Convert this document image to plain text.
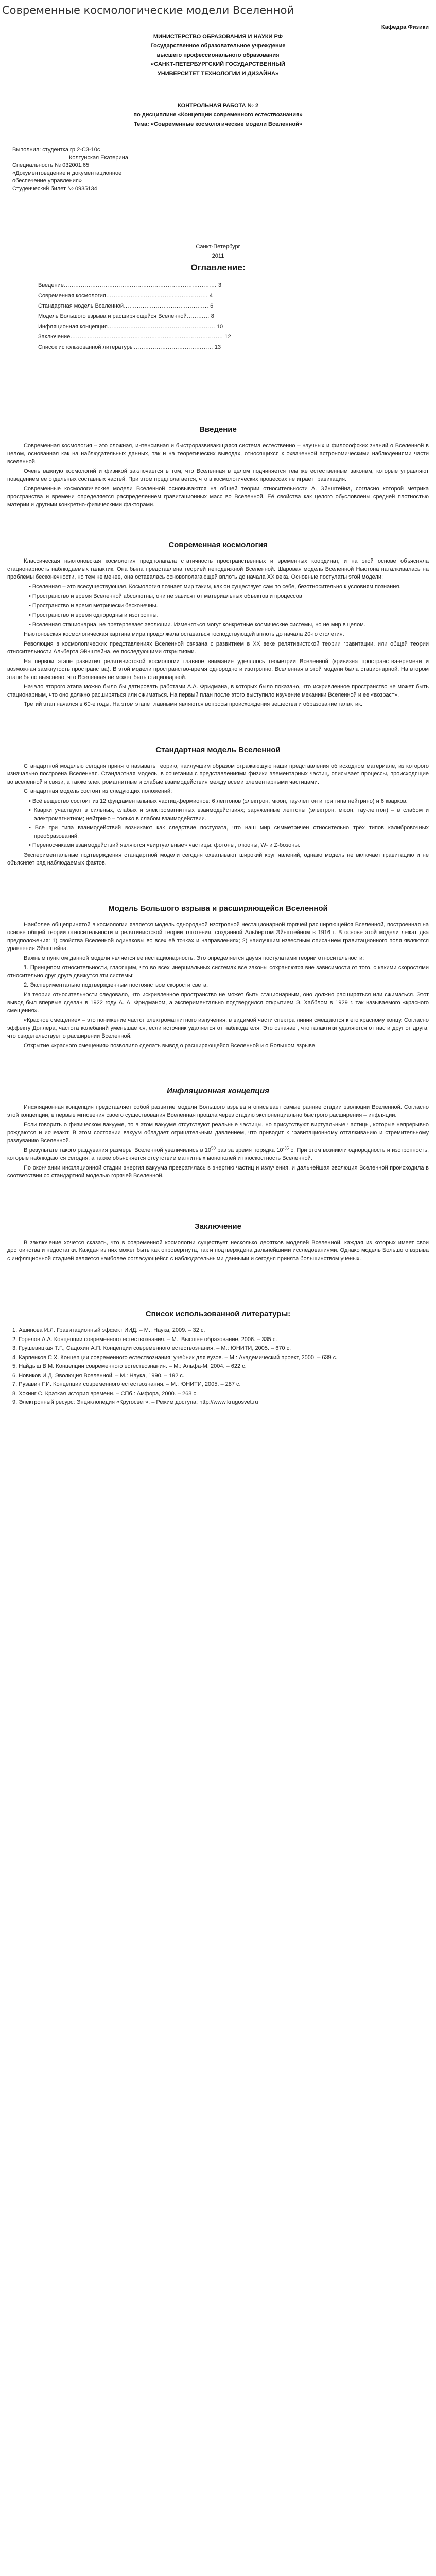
Современные космологические модели Вселенной
Кафедра Физики
МИНИСТЕРСТВО ОБРАЗОВАНИЯ И НАУКИ РФ
Государственное образовательное учреждение
высшего профессионального образования
«САНКТ-ПЕТЕРБУРГСКИЙ ГОСУДАРСТВЕННЫЙ
УНИВЕРСИТЕТ ТЕХНОЛОГИИ И ДИЗАЙНА»
КОНТРОЛЬНАЯ РАБОТА № 2
по дисциплине «Концепции современного естествознания»
Тема: «Современные космологические модели Вселенной»
Выполнил: студентка гр.2-С3-10с
Колтунская Екатерина
Специальность № 032001.65
«Документоведение и документационное
обеспечение управления»
Студенческий билет № 0935134
Санкт-Петербург
2011
Оглавление:
Введение……………………………………………………………………… 3
Современная космология……………………………………………… 4
Стандартная модель Вселенной……………………………………… 6
Модель Большого взрыва и расширяющейся Вселенной………… 8
Инфляционная концепция………………………………………………… 10
Заключение……………………………………………………………………… 12
Список использованной литературы…………………………………… 13
Введение

Современная космология – это сложная, интенсивная и быстроразвивающаяся система естественно – научных и философских знаний о Вселенной в целом, основанная как на наблюдательных данных, так и на теоретических выводах, относящихся к охваченной астрономическими наблюдениями части вселенной.

Очень важную космологий и физикой заключается в том, что Вселенная в целом подчиняется тем же естественным законам, которые управляют поведением ее отдельных составных частей. При этом предполагается, что в космологических процессах не играет гравитация.

Современные космологические модели Вселенной основываются на общей теории относительности А. Эйнштейна, согласно которой метрика пространства и времени определяется распределением гравитационных масс во Вселенной. Её свойства как целого обусловлены средней плотностью материи и другими конкретно-физическими факторами.

Современная космология

Классическая ньютоновская космология предполагала статичность пространственных и временных координат, и на этой основе объясняла стационарность наблюдаемых галактик. Она была представлена теорией неподвижной Вселенной. Шаровая модель Вселенной Ньютона наталкивалась на проблемы бесконечности, но тем не менее, она оставалась основополагающей вплоть до начала ХХ века. Основные постулаты этой модели:

• Вселенная – это всесуществующая. Космология познает мир таким, как он существует сам по себе, безотносительно к условиям познания.

• Пространство и время Вселенной абсолютны, они не зависят от материальных объектов и процессов

• Пространство и время метрически бесконечны.

• Пространство и время однородны и изотропны.

• Вселенная стационарна, не претерпевает эволюции. Изменяться могут конкретные космические системы, но не мир в целом.

Ньютоновская космологическая картина мира продолжала оставаться господствующей вплоть до начала 20-го столетия.

Революция в космологических представлениях Вселенной связана с развитием в ХХ веке релятивистской теории гравитации, или общей теории относительности Альберта Эйнштейна, ее последующими открытиями.

На первом этапе развития релятивистской космологии главное внимание уделялось геометрии Вселенной (кривизна пространства-времени и возможная замкнутость пространства). В этой модели пространство-время однородно и изотропно. Вселенная в этой модели была стационарной. На втором этапе было выяснено, что Вселенная не может быть стационарной.

Начало второго этапа можно было бы датировать работами А.А. Фридмана, в которых было показано, что искривленное пространство не может быть стационарным, что оно должно расширяться или сжиматься. На первый план после этого выступило изучение механики Вселенной и ее «возраст».

Третий этап начался в 60-е годы. На этом этапе главными являются вопросы происхождения вещества и образование галактик.

Стандартная модель Вселенной

Стандартной моделью сегодня принято называть теорию, наилучшим образом отражающую наши представления об исходном материале, из которого изначально построена Вселенная. Стандартная модель, в сочетании с представлениями физики элементарных частиц, описывает процессы, происходящие во вселенной и связи, а также электромагнитные и слабые взаимодействия между всеми элементарными частицами.

Стандартная модель состоит из следующих положений:

• Всё вещество состоит из 12 фундаментальных частиц-фермионов: 6 лептонов (электрон, мюон, тау-лептон и три типа нейтрино) и 6 кварков.

• Кварки участвуют в сильных, слабых и электромагнитных взаимодействиях; заряженные лептоны (электрон, мюон, тау-лептон) – в слабом и электромагнитном; нейтрино – только в слабом взаимодействии.

• Все три типа взаимодействий возникают как следствие постулата, что наш мир симметричен относительно трёх типов калибровочных преобразований.

• Переносчиками взаимодействий являются «виртуальные» частицы: фотоны, глюоны, W- и Z-бозоны.

Экспериментальные подтверждения стандартной модели сегодня охватывают широкий круг явлений, однако модель не включает гравитацию и не объясняет ряд наблюдаемых фактов.

Модель Большого взрыва и расширяющейся Вселенной

Наиболее общепринятой в космологии является модель однородной изотропной нестационарной горячей расширяющейся Вселенной, построенная на основе общей теории относительности и релятивистской теории тяготения, созданной Альбертом Эйнштейном в 1916 г. В основе этой модели лежат два предположения: 1) свойства Вселенной одинаковы во всех её точках и направлениях; 2) наилучшим известным описанием гравитационного поля являются уравнения Эйнштейна.

Важным пунктом данной модели является ее нестационарность. Это определяется двумя постулатами теории относительности:

1. Принципом относительности, гласящим, что во всех инерциальных системах все законы сохраняются вне зависимости от того, с какими скоростями относительно друг друга движутся эти системы;

2. Экспериментально подтвержденным постоянством скорости света.

Из теории относительности следовало, что искривленное пространство не может быть стационарным, оно должно расширяться или сжиматься. Этот вывод был впервые сделан в 1922 году А. А. Фридманом, а экспериментально подтвердился открытием Э. Хабблом в 1929 г. так называемого «красного смещения».

«Красное смещение» – это понижение частот электромагнитного излучения: в видимой части спектра линии смещаются к его красному концу. Согласно эффекту Доплера, частота колебаний уменьшается, если источник удаляется от наблюдателя. Это означает, что галактики удаляются от нас и друг от друга, что свидетельствует о расширении Вселенной.

Открытие «красного смещения» позволило сделать вывод о расширяющейся Вселенной и о Большом взрыве.

Инфляционная концепция

Инфляционная концепция представляет собой развитие модели Большого взрыва и описывает самые ранние стадии эволюции Вселенной. Согласно этой концепции, в первые мгновения своего существования Вселенная прошла через стадию экспоненциально быстрого расширения – инфляции.

Если говорить о физическом вакууме, то в этом вакууме отсутствуют реальные частицы, но присутствуют виртуальные частицы, которые непрерывно рождаются и исчезают. В этом состоянии вакуум обладает отрицательным давлением, что приводит к гравитационному отталкиванию и стремительному раздуванию Вселенной.

В результате такого раздувания размеры Вселенной увеличились в $10^{50}$ раз за время порядка $10^{-35}$ с. При этом возникли однородность и изотропность, которые наблюдаются сегодня, а также объясняется отсутствие магнитных монополей и плоскостность Вселенной.

По окончании инфляционной стадии энергия вакуума превратилась в энергию частиц и излучения, и дальнейшая эволюция Вселенной происходила в соответствии со стандартной моделью горячей Вселенной.

Заключение

В заключение хочется сказать, что в современной космологии существует несколько десятков моделей Вселенной, каждая из которых имеет свои достоинства и недостатки. Каждая из них может быть как опровергнута, так и подтверждена дальнейшими исследованиями. Однако модель Большого взрыва с инфляционной стадией является наиболее согласующейся с наблюдательными данными и сегодня принята большинством ученых.

Список использованной литературы:
1. Ашинова И.Л. Гравитационный эффект ИИД. – М.: Наука, 2009. – 32 с.
2. Горелов А.А. Концепции современного естествознания. – М.: Высшее образование, 2006. – 335 с.
3. Грушевицкая Т.Г., Садохин А.П. Концепции современного естествознания. – М.: ЮНИТИ, 2005. – 670 с.
4. Карпенков С.Х. Концепции современного естествознания: учебник для вузов. – М.: Академический проект, 2000. – 639 с.
5. Найдыш В.М. Концепции современного естествознания. – М.: Альфа-М, 2004. – 622 с.
6. Новиков И.Д. Эволюция Вселенной. – М.: Наука, 1990. – 192 с.
7. Рузавин Г.И. Концепции современного естествознания. – М.: ЮНИТИ, 2005. – 287 с.
8. Хокинг С. Краткая история времени. – СПб.: Амфора, 2000. – 268 с.
9. Электронный ресурс: Энциклопедия «Кругосвет». – Режим доступа: http://www.krugosvet.ru
